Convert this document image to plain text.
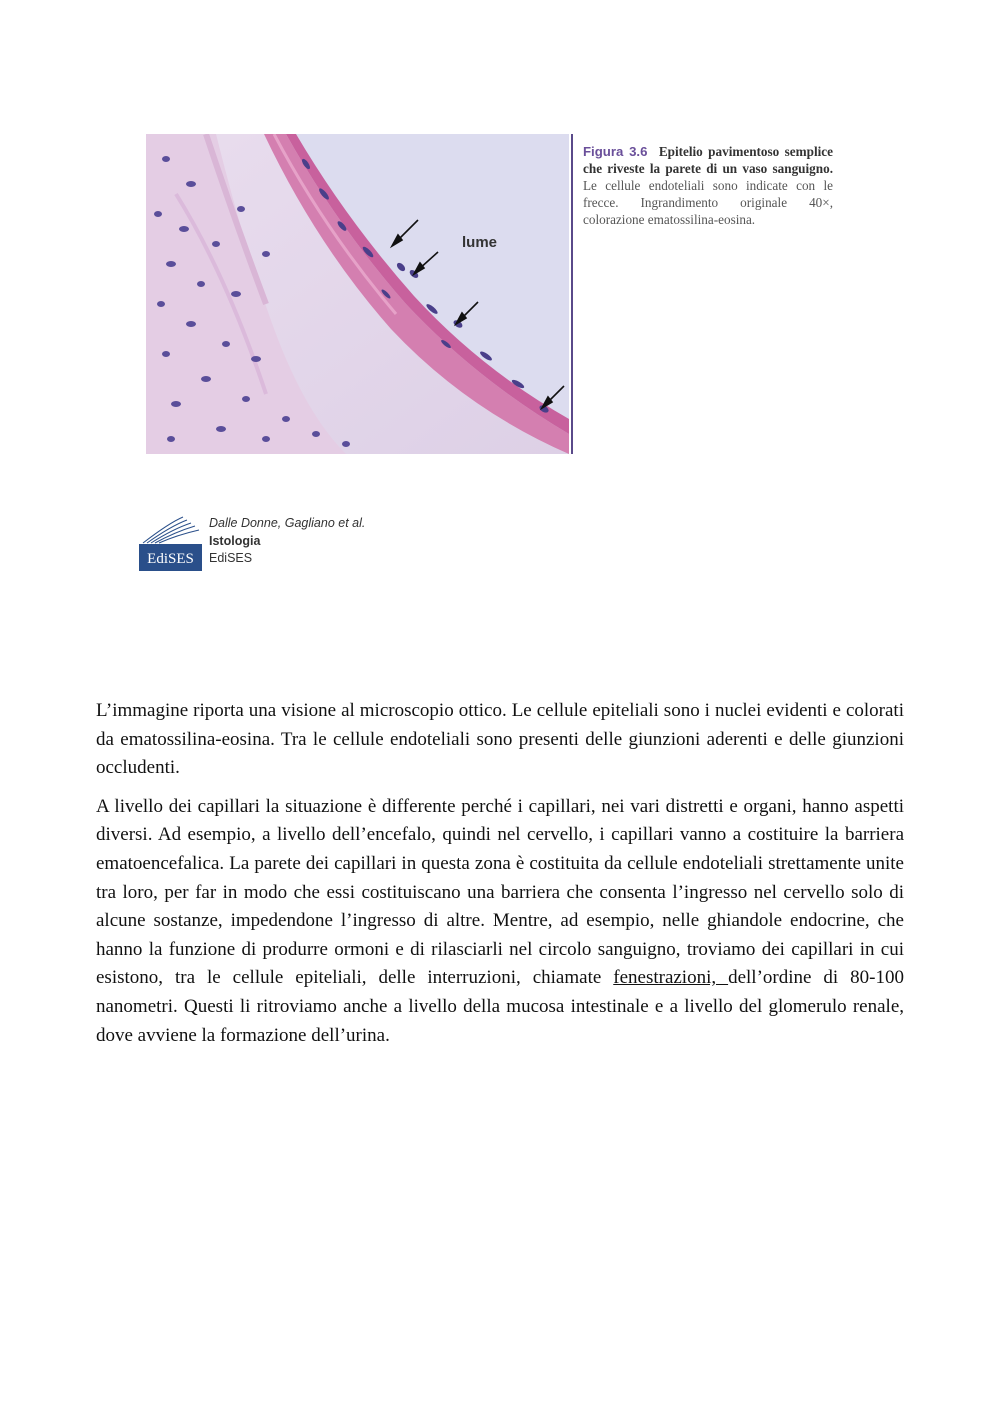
lume
Figura 3.6 Epitelio pavimentoso semplice che riveste la parete di un vaso sanguigno. Le cellule endoteliali sono indicate con le frecce. Ingrandimento originale 40×, colorazione ematossilina-eosina.
EdiSES
Dalle Donne, Gagliano et al.
Istologia
EdiSES

L’immagine riporta una visione al microscopio ottico. Le cellule epiteliali sono i nuclei evidenti e colorati da ematossilina-eosina. Tra le cellule endoteliali sono presenti delle giunzioni aderenti e delle giunzioni occludenti.

A livello dei capillari la situazione è differente perché i capillari, nei vari distretti e organi, hanno aspetti diversi. Ad esempio, a livello dell’encefalo, quindi nel cervello, i capillari vanno a costituire la barriera ematoencefalica. La parete dei capillari in questa zona è costituita da cellule endoteliali strettamente unite tra loro, per far in modo che essi costituiscano una barriera che consenta l’ingresso nel cervello solo di alcune sostanze, impedendone l’ingresso di altre. Mentre, ad esempio, nelle ghiandole endocrine, che hanno la funzione di produrre ormoni e di rilasciarli nel circolo sanguigno, troviamo dei capillari in cui esistono, tra le cellule epiteliali, delle interruzioni, chiamate fenestrazioni, dell’ordine di 80-100 nanometri. Questi li ritroviamo anche a livello della mucosa intestinale e a livello del glomerulo renale, dove avviene la formazione dell’urina.
